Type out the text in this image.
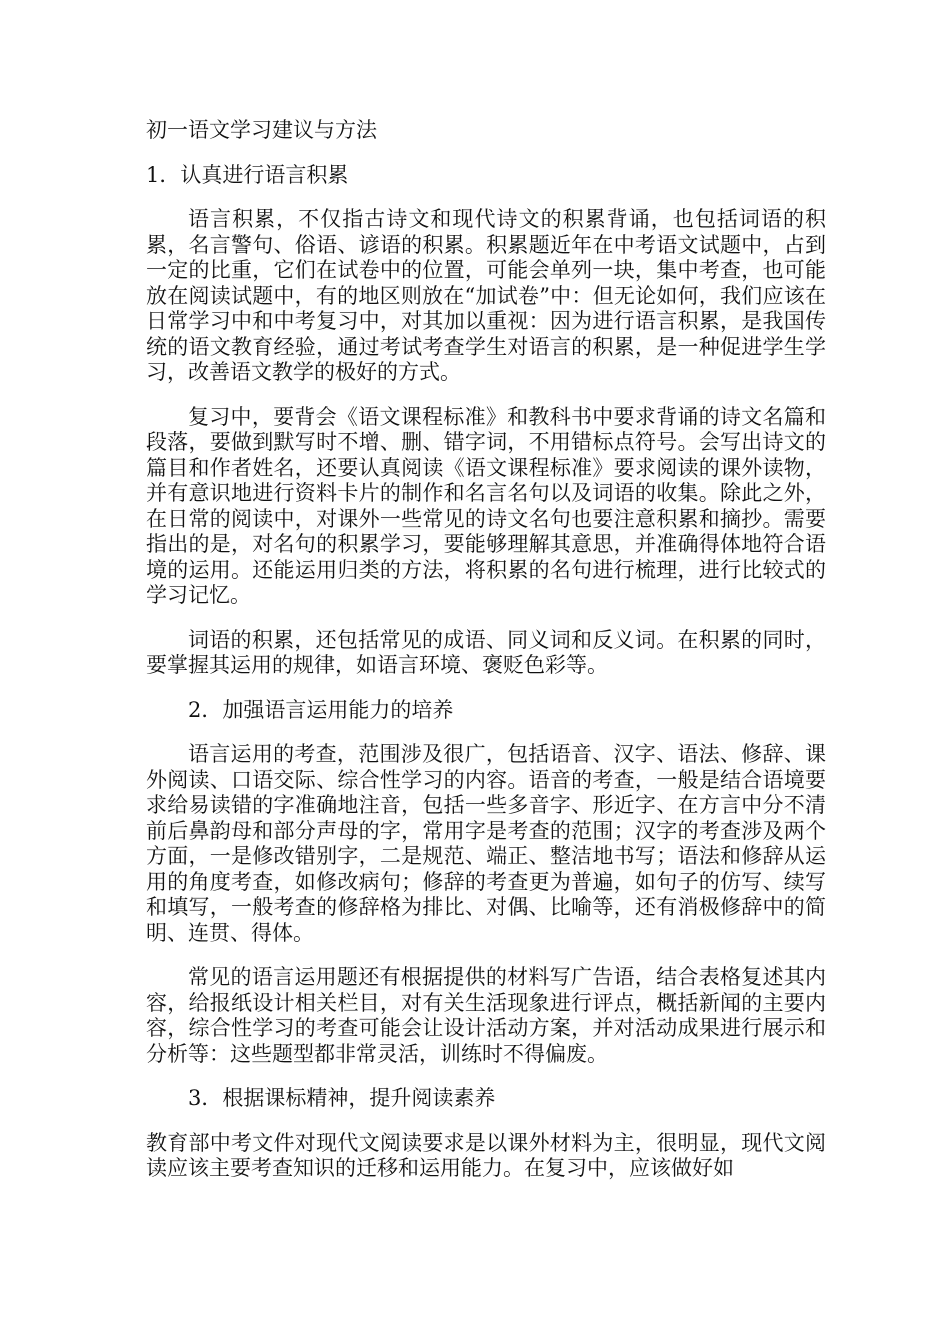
初一语文学习建议与方法

1．认真进行语言积累

语言积累，不仅指古诗文和现代诗文的积累背诵，也包括词语的积累，名言警句、俗语、谚语的积累。积累题近年在中考语文试题中，占到一定的比重，它们在试卷中的位置，可能会单列一块，集中考查，也可能放在阅读试题中，有的地区则放在“加试卷”中：但无论如何，我们应该在日常学习中和中考复习中，对其加以重视：因为进行语言积累，是我国传统的语文教育经验，通过考试考查学生对语言的积累，是一种促进学生学习，改善语文教学的极好的方式。

复习中，要背会《语文课程标准》和教科书中要求背诵的诗文名篇和段落，要做到默写时不增、删、错字词，不用错标点符号。会写出诗文的篇目和作者姓名，还要认真阅读《语文课程标准》要求阅读的课外读物，并有意识地进行资料卡片的制作和名言名句以及词语的收集。除此之外，在日常的阅读中，对课外一些常见的诗文名句也要注意积累和摘抄。需要指出的是，对名句的积累学习，要能够理解其意思，并准确得体地符合语境的运用。还能运用归类的方法，将积累的名句进行梳理，进行比较式的学习记忆。

词语的积累，还包括常见的成语、同义词和反义词。在积累的同时，要掌握其运用的规律，如语言环境、褒贬色彩等。

2．加强语言运用能力的培养

语言运用的考查，范围涉及很广，包括语音、汉字、语法、修辞、课外阅读、口语交际、综合性学习的内容。语音的考查，一般是结合语境要求给易读错的字准确地注音，包括一些多音字、形近字、在方言中分不清前后鼻韵母和部分声母的字，常用字是考查的范围；汉字的考查涉及两个方面，一是修改错别字，二是规范、端正、整洁地书写；语法和修辞从运用的角度考查，如修改病句；修辞的考查更为普遍，如句子的仿写、续写和填写，一般考查的修辞格为排比、对偶、比喻等，还有消极修辞中的简明、连贯、得体。

常见的语言运用题还有根据提供的材料写广告语，结合表格复述其内容，给报纸设计相关栏目，对有关生活现象进行评点，概括新闻的主要内容，综合性学习的考查可能会让设计活动方案，并对活动成果进行展示和分析等：这些题型都非常灵活，训练时不得偏废。

3．根据课标精神，提升阅读素养

教育部中考文件对现代文阅读要求是以课外材料为主，很明显，现代文阅读应该主要考查知识的迁移和运用能力。在复习中，应该做好如
